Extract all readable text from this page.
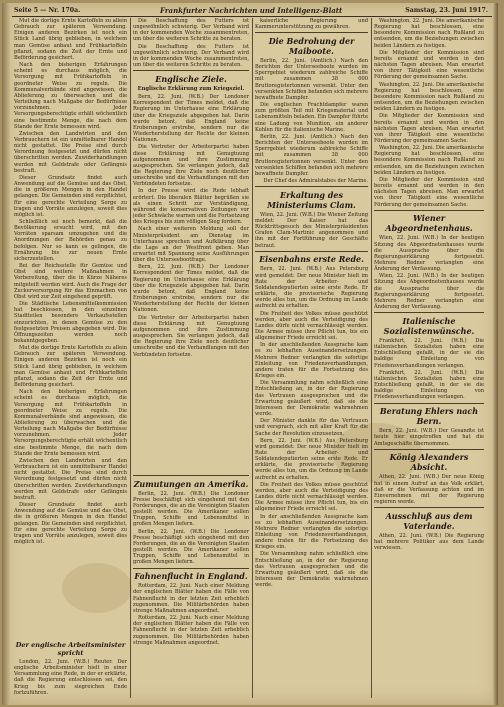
Seite 5 — Nr. 170a.	Frankfurter Nachrichten und Intelligenz-Blatt	Samstag, 23. Juni 1917.

Mut die dortige Ernte Kartoffeln zu allein Gebrauch zur späteren Verwendung. Einigen anderen Bezirken ist noch ein Stück Land übrig geblieben, in welchem man Gemüse anbaut und Frühkartoffeln pflanzt, sodann die Zeit der Ernte und Beförderung gesichert.

Nach den bisherigen Erfahrungen scheint es durchaus möglich, die Versorgung mit Frühkartoffeln in geordneter Weise zu regeln. Die Kommunalverbände sind angewiesen, die Ablieferung zu überwachen und die Verteilung nach Maßgabe der Bedürfnisse vorzunehmen. Jeder Versorgungsberechtigte erhält wöchentlich eine bestimmte Menge, die nach dem Stande der Ernte bemessen wird.

Zwischen den Landwirten und den Verbrauchern ist ein unmittelbarer Handel nicht gestattet. Die Preise sind durch Verordnung festgesetzt und dürfen nicht überschritten werden. Zuwiderhandlungen werden mit Geldstrafe oder Gefängnis bestraft.

Dieser Grundsatz findet auch Anwendung auf die Gemüse und das Obst, die in größeren Mengen in den Handel gelangen. Die Gemeinden sind verpflichtet, für eine gerechte Verteilung Sorge zu tragen und Vorräte anzulegen, soweit dies möglich ist.

Schließlich sei noch bemerkt, daß die Bevölkerung ersucht wird, mit den Vorräten sparsam umzugehen und die Anordnungen der Behörden genau zu befolgen. Nur so kann es gelingen, die Ernährung bis zur neuen Ernte sicherzustellen.

Bei der Reichsstelle für Gemüse und Obst sind weitere Maßnahmen in Vorbereitung, über die in Kürze Näheres mitgeteilt werden wird. Auch die Frage der Zuckerversorgung für das Einmachen von Obst wird zur Zeit eingehend geprüft.

Die Städtische Lebensmittelkommission hat beschlossen, in den einzelnen Stadtteilen besondere Verkaufsstellen einzurichten, in denen Gemüse zu den festgesetzten Preisen abgegeben wird. Die Öffnungszeiten werden noch bekanntgegeben.

Mut die dortige Ernte Kartoffeln zu allein Gebrauch zur späteren Verwendung. Einigen anderen Bezirken ist noch ein Stück Land übrig geblieben, in welchem man Gemüse anbaut und Frühkartoffeln pflanzt, sodann die Zeit der Ernte und Beförderung gesichert.

Nach den bisherigen Erfahrungen scheint es durchaus möglich, die Versorgung mit Frühkartoffeln in geordneter Weise zu regeln. Die Kommunalverbände sind angewiesen, die Ablieferung zu überwachen und die Verteilung nach Maßgabe der Bedürfnisse vorzunehmen. Jeder Versorgungsberechtigte erhält wöchentlich eine bestimmte Menge, die nach dem Stande der Ernte bemessen wird.

Zwischen den Landwirten und den Verbrauchern ist ein unmittelbarer Handel nicht gestattet. Die Preise sind durch Verordnung festgesetzt und dürfen nicht überschritten werden. Zuwiderhandlungen werden mit Geldstrafe oder Gefängnis bestraft.

Dieser Grundsatz findet auch Anwendung auf die Gemüse und das Obst, die in größeren Mengen in den Handel gelangen. Die Gemeinden sind verpflichtet, für eine gerechte Verteilung Sorge zu tragen und Vorräte anzulegen, soweit dies möglich ist.

Der englische Arbeitsminister spricht

London, 22. Juni. (W.B.) Reuter. Der englische Arbeitsminister hielt in einer Versammlung eine Rede, in der er erklärte, daß die Regierung entschlossen sei, den Krieg bis zum siegreichen Ende fortzuführen.

Die Beschaffung des Futters ist ungewöhnlich schwierig. Der Verband wird in der kommenden Woche zusammentreten, um über die weiteren Schritte zu beraten.

Die Beschaffung des Futters ist ungewöhnlich schwierig. Der Verband wird in der kommenden Woche zusammentreten, um über die weiteren Schritte zu beraten.

Englische Ziele.
Englische Erklärung zum Kriegsziel.

Bern, 22. Juni. (W.B.) Der Londoner Korrespondent der Times meldet, daß die Regierung im Unterhause eine Erklärung über die Kriegsziele abgegeben hat. Darin wurde betont, daß England keine Eroberungen erstrebe, sondern nur die Wiederherstellung der Rechte der kleinen Nationen.

Die Vertreter der Arbeiterpartei haben diese Erklärung mit Genugtuung aufgenommen und ihre Zustimmung ausgesprochen. Sie verlangen jedoch, daß die Regierung ihre Ziele noch deutlicher umschreibe und die Verhandlungen mit den Verbündeten fortsetze.

In der Presse wird die Rede lebhaft erörtert. Die liberalen Blätter begrüßen sie als einen Schritt zur Verständigung, während die konservativen Zeitungen vor jeder Schwäche warnen und die Fortsetzung des Krieges bis zum völligen Sieg fordern.

Nach einer weiteren Meldung soll der Ministerpräsident am Dienstag im Unterhause sprechen und Aufklärung über die Lage an der Westfront geben. Man erwartet mit Spannung seine Ausführungen über die Unterseebootfrage.

Bern, 22. Juni. (W.B.) Der Londoner Korrespondent der Times meldet, daß die Regierung im Unterhause eine Erklärung über die Kriegsziele abgegeben hat. Darin wurde betont, daß England keine Eroberungen erstrebe, sondern nur die Wiederherstellung der Rechte der kleinen Nationen.

Die Vertreter der Arbeiterpartei haben diese Erklärung mit Genugtuung aufgenommen und ihre Zustimmung ausgesprochen. Sie verlangen jedoch, daß die Regierung ihre Ziele noch deutlicher umschreibe und die Verhandlungen mit den Verbündeten fortsetze.

Zumutungen an Amerika.

Berlin, 22. Juni. (W.B.) Die Londoner Presse beschäftigt sich eingehend mit den Forderungen, die an die Vereinigten Staaten gestellt werden. Die Amerikaner sollen Truppen, Schiffe und Lebensmittel in großen Mengen liefern.

Berlin, 22. Juni. (W.B.) Die Londoner Presse beschäftigt sich eingehend mit den Forderungen, die an die Vereinigten Staaten gestellt werden. Die Amerikaner sollen Truppen, Schiffe und Lebensmittel in großen Mengen liefern.

Fahnenflucht in England.

Rotterdam, 22. Juni. Nach einer Meldung der englischen Blätter haben die Fälle von Fahnenflucht in der letzten Zeit erheblich zugenommen. Die Militärbehörden haben strenge Maßnahmen angeordnet.

Rotterdam, 22. Juni. Nach einer Meldung der englischen Blätter haben die Fälle von Fahnenflucht in der letzten Zeit erheblich zugenommen. Die Militärbehörden haben strenge Maßnahmen angeordnet.

kaiserliche Regierung und Kammerunterstützung zu gewähren.

Die Bedrohung der Maiboote.

Berlin, 22. Juni. (Amtlich.) Nach den Berichten der Unterseeboote wurden im Sperrgebiet wiederum zahlreiche Schiffe mit zusammen 38 000 Bruttoregistertonnen versenkt. Unter den versenkten Schiffen befanden sich mehrere bewaffnete Dampfer.

Die englischen Frachtdampfer waren zum größten Teil mit Kriegsmaterial und Lebensmitteln beladen. Ein Dampfer führte eine Ladung von Munition, ein anderer Kohlen für die italienische Marine.

Berlin, 22. Juni. (Amtlich.) Nach den Berichten der Unterseeboote wurden im Sperrgebiet wiederum zahlreiche Schiffe mit zusammen 38 000 Bruttoregistertonnen versenkt. Unter den versenkten Schiffen befanden sich mehrere bewaffnete Dampfer.

Der Chef des Admiralstabes der Marine.

Erkaltung des Ministeriums Clam.

Wien, 22. Juni. (W.B.) Die Wiener Zeitung meldet: Der Kaiser hat das Rücktrittsgesuch des Ministerpräsidenten Grafen Clam-Martinic angenommen und ihn mit der Fortführung der Geschäfte betraut.

Eisenbahns erste Rede.

Bern, 22. Juni. (W.B.) Aus Petersburg wird gemeldet: Der neue Minister hielt im Rate der Arbeiter- und Soldatendeputierten seine erste Rede. Er erklärte, die provisorische Regierung werde alles tun, um die Ordnung im Lande aufrecht zu erhalten.

Die Freiheit des Volkes müsse geschützt werden, aber auch die Verteidigung des Landes dürfe nicht vernachlässigt werden. Die Armee müsse ihre Pflicht tun, bis ein allgemeiner Friede erreicht sei.

In der anschließenden Aussprache kam es zu lebhaften Auseinandersetzungen. Mehrere Redner verlangten die sofortige Einleitung von Friedensverhandlungen, andere traten für die Fortsetzung des Krieges ein.

Die Versammlung nahm schließlich eine Entschließung an, in der der Regierung das Vertrauen ausgesprochen und die Erwartung geäußert wird, daß sie die Interessen der Demokratie wahrnehmen werde.

Der Minister dankte für das Vertrauen und versprach, sich mit aller Kraft für die Sache der Revolution einzusetzen.

Bern, 22. Juni. (W.B.) Aus Petersburg wird gemeldet: Der neue Minister hielt im Rate der Arbeiter- und Soldatendeputierten seine erste Rede. Er erklärte, die provisorische Regierung werde alles tun, um die Ordnung im Lande aufrecht zu erhalten.

Die Freiheit des Volkes müsse geschützt werden, aber auch die Verteidigung des Landes dürfe nicht vernachlässigt werden. Die Armee müsse ihre Pflicht tun, bis ein allgemeiner Friede erreicht sei.

In der anschließenden Aussprache kam es zu lebhaften Auseinandersetzungen. Mehrere Redner verlangten die sofortige Einleitung von Friedensverhandlungen, andere traten für die Fortsetzung des Krieges ein.

Die Versammlung nahm schließlich eine Entschließung an, in der der Regierung das Vertrauen ausgesprochen und die Erwartung geäußert wird, daß sie die Interessen der Demokratie wahrnehmen werde.

Washington, 22. Juni. Die amerikanische Regierung hat beschlossen, eine besondere Kommission nach Rußland zu entsenden, um die Beziehungen zwischen beiden Ländern zu festigen.

Die Mitglieder der Kommission sind bereits ernannt und werden in den nächsten Tagen abreisen. Man erwartet von ihrer Tätigkeit eine wesentliche Förderung der gemeinsamen Sache.

Washington, 22. Juni. Die amerikanische Regierung hat beschlossen, eine besondere Kommission nach Rußland zu entsenden, um die Beziehungen zwischen beiden Ländern zu festigen.

Die Mitglieder der Kommission sind bereits ernannt und werden in den nächsten Tagen abreisen. Man erwartet von ihrer Tätigkeit eine wesentliche Förderung der gemeinsamen Sache.

Washington, 22. Juni. Die amerikanische Regierung hat beschlossen, eine besondere Kommission nach Rußland zu entsenden, um die Beziehungen zwischen beiden Ländern zu festigen.

Die Mitglieder der Kommission sind bereits ernannt und werden in den nächsten Tagen abreisen. Man erwartet von ihrer Tätigkeit eine wesentliche Förderung der gemeinsamen Sache.

Wiener Abgeordnetenhaus.

Wien, 22. Juni. (W.B.) In der heutigen Sitzung des Abgeordnetenhauses wurde die Aussprache über die Regierungserklärung fortgesetzt. Mehrere Redner verlangten eine Änderung der Verfassung.

Wien, 22. Juni. (W.B.) In der heutigen Sitzung des Abgeordnetenhauses wurde die Aussprache über die Regierungserklärung fortgesetzt. Mehrere Redner verlangten eine Änderung der Verfassung.

Italienische Sozialistenwünsche.

Frankfurt, 22. Juni. (W.B.) Die italienischen Sozialisten haben eine Entschließung gefaßt, in der sie die baldige Einleitung von Friedensverhandlungen verlangen.

Frankfurt, 22. Juni. (W.B.) Die italienischen Sozialisten haben eine Entschließung gefaßt, in der sie die baldige Einleitung von Friedensverhandlungen verlangen.

Beratung Ehlers nach Bern.

Bern, 22. Juni. (W.B.) Der Gesandte ist heute hier eingetroffen und hat die Amtsgeschäfte übernommen.

König Alexanders Absicht.

Athen, 22. Juni. (W.B.) Der neue König hat in einem Aufruf an das Volk erklärt, daß er die Verfassung achten und im Einvernehmen mit der Regierung regieren werde.

Ausschluß aus dem Vaterlande.

Athen, 22. Juni. (W.B.) Die Regierung hat mehrere Politiker aus dem Lande verwiesen.
